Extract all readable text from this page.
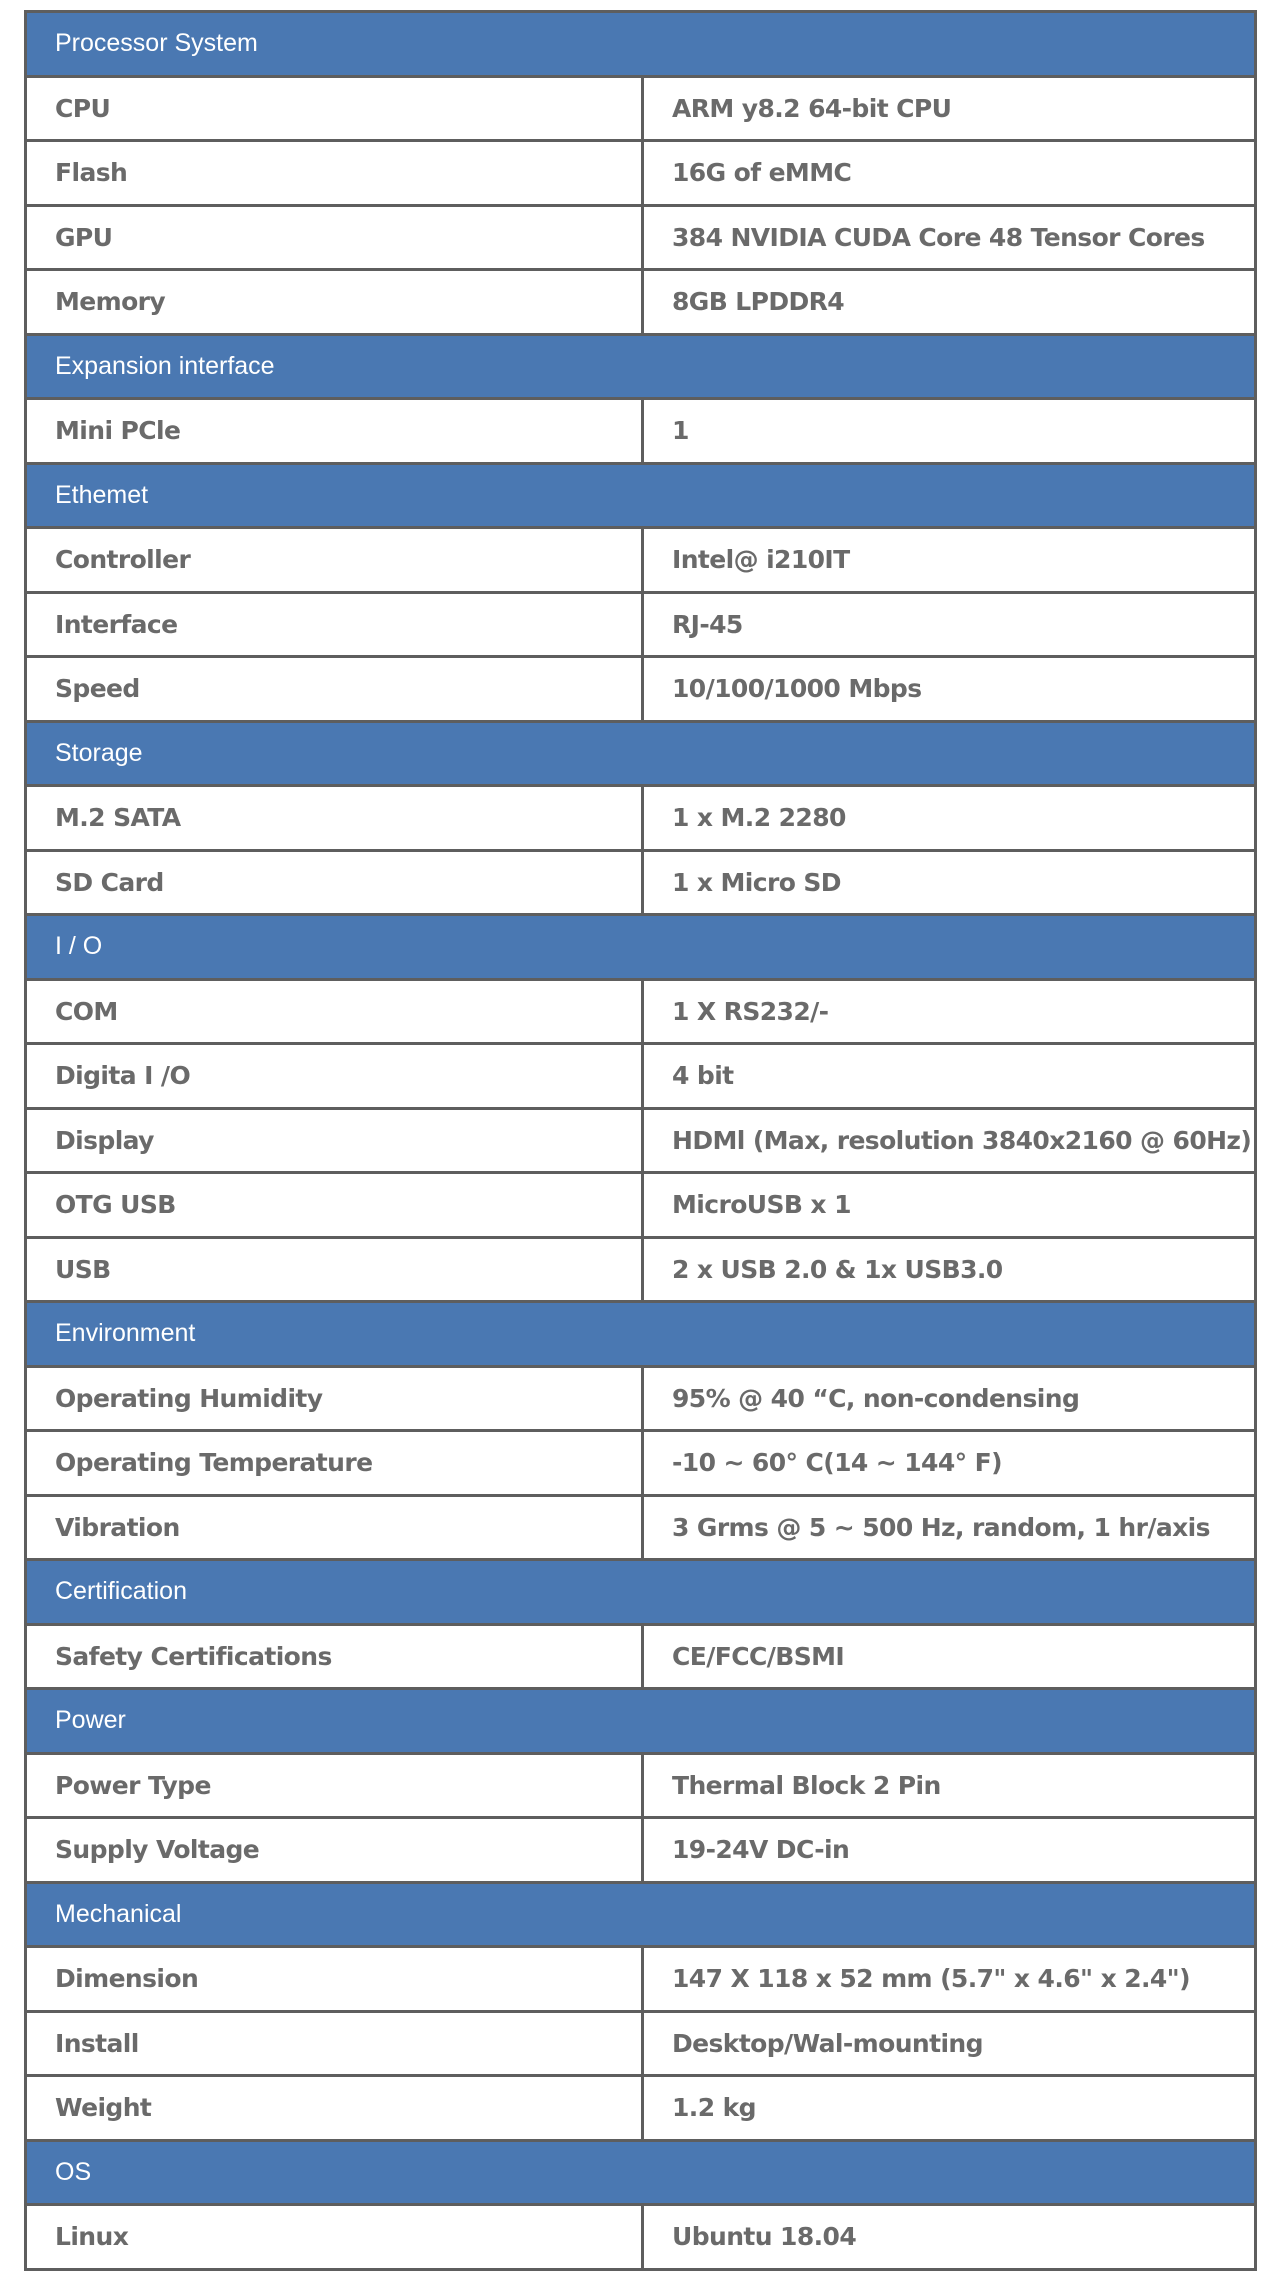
Processor System	
CPU	ARM y8.2 64-bit CPU
Flash	16G of eMMC
GPU	384 NVIDIA CUDA Core 48 Tensor Cores
Memory	8GB LPDDR4
Expansion interface	
Mini PCle	1
Ethemet	
Controller	Intel@ i210IT
Interface	RJ-45
Speed	10/100/1000 Mbps
Storage	
M.2 SATA	1 x M.2 2280
SD Card	1 x Micro SD
I / O	
COM	1 X RS232/-
Digita I /O	4 bit
Display	HDMl (Max, resolution 3840x2160 @ 60Hz)
OTG USB	MicroUSB x 1
USB	2 x USB 2.0 & 1x USB3.0
Environment	
Operating Humidity	95% @ 40 “C, non-condensing
Operating Temperature	-10 ~ 60° C(14 ~ 144° F)
Vibration	3 Grms @ 5 ~ 500 Hz, random, 1 hr/axis
Certification	
Safety Certifications	CE/FCC/BSMI
Power	
Power Type	Thermal Block 2 Pin
Supply Voltage	19-24V DC-in
Mechanical	
Dimension	147 X 118 x 52 mm (5.7" x 4.6" x 2.4")
Install	Desktop/Wal-mounting
Weight	1.2 kg
OS	
Linux	Ubuntu 18.04
